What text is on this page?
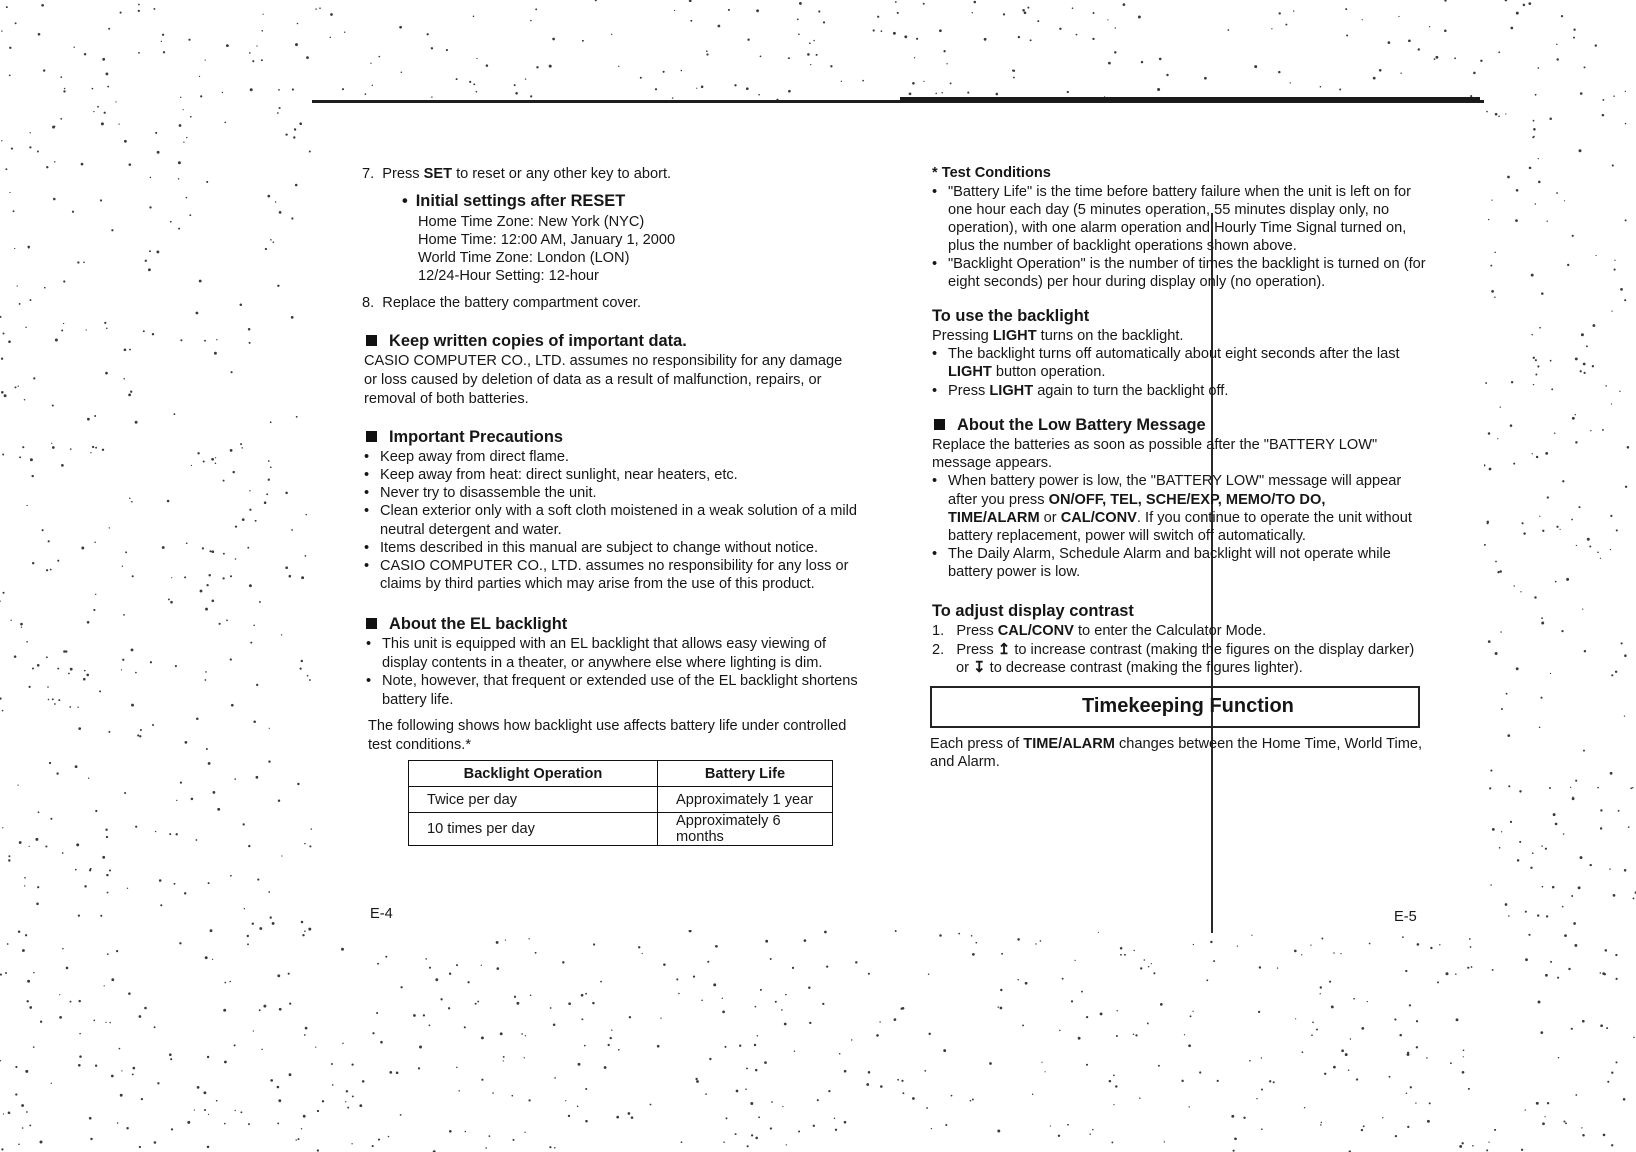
7. Press SET to reset or any other key to abort.
• Initial settings after RESET
Home Time Zone: New York (NYC)
Home Time: 12:00 AM, January 1, 2000
World Time Zone: London (LON)
12/24-Hour Setting: 12-hour
8. Replace the battery compartment cover.
Keep written copies of important data.
CASIO COMPUTER CO., LTD. assumes no responsibility for any damage
or loss caused by deletion of data as a result of malfunction, repairs, or
removal of both batteries.
Important Precautions
• Keep away from direct flame.
• Keep away from heat: direct sunlight, near heaters, etc.
• Never try to disassemble the unit.
• Clean exterior only with a soft cloth moistened in a weak solution of a mild
neutral detergent and water.
• Items described in this manual are subject to change without notice.
• CASIO COMPUTER CO., LTD. assumes no responsibility for any loss or
claims by third parties which may arise from the use of this product.
About the EL backlight
• This unit is equipped with an EL backlight that allows easy viewing of
display contents in a theater, or anywhere else where lighting is dim.
• Note, however, that frequent or extended use of the EL backlight shortens
battery life.
The following shows how backlight use affects battery life under controlled
test conditions.*
Backlight Operation	Battery Life
Twice per day	Approximately 1 year
10 times per day	Approximately 6 months
E-4
* Test Conditions
• "Battery Life" is the time before battery failure when the unit is left on for
one hour each day (5 minutes operation, 55 minutes display only, no
operation), with one alarm operation and Hourly Time Signal turned on,
plus the number of backlight operations shown above.
• "Backlight Operation" is the number of times the backlight is turned on (for
eight seconds) per hour during display only (no operation).
To use the backlight
Pressing LIGHT turns on the backlight.
• The backlight turns off automatically about eight seconds after the last
LIGHT button operation.
• Press LIGHT again to turn the backlight off.
About the Low Battery Message
Replace the batteries as soon as possible after the "BATTERY LOW"
message appears.
• When battery power is low, the "BATTERY LOW" message will appear
after you press ON/OFF, TEL, SCHE/EXP, MEMO/TO DO,
TIME/ALARM or CAL/CONV. If you continue to operate the unit without
battery replacement, power will switch off automatically.
• The Daily Alarm, Schedule Alarm and backlight will not operate while
battery power is low.
To adjust display contrast
1. Press CAL/CONV to enter the Calculator Mode.
2. Press ↥ to increase contrast (making the figures on the display darker)
or ↧ to decrease contrast (making the figures lighter).
Timekeeping Function
Each press of TIME/ALARM changes between the Home Time, World Time,
and Alarm.
E-5
